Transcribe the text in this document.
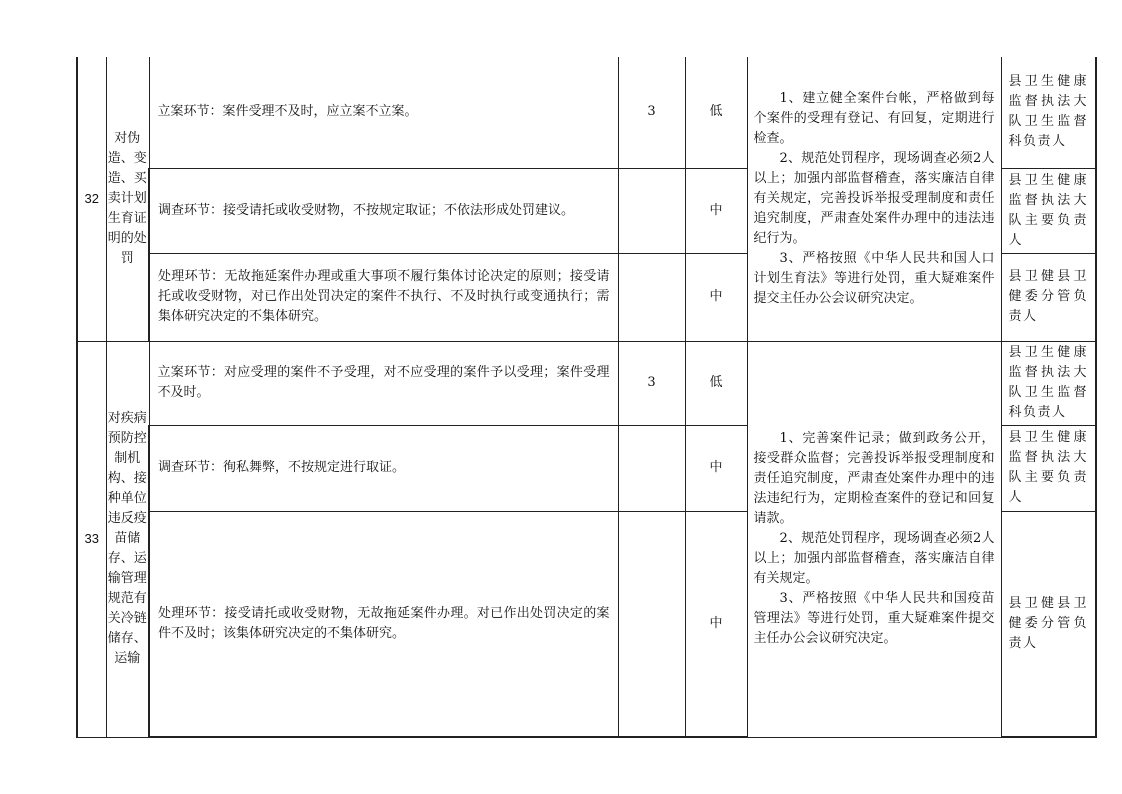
32	对伪造、变造、买卖计划生育证明的处罚	立案环节：案件受理不及时，应立案不立案。	3	低	1、建立健全案件台帐，严格做到每个案件的受理有登记、有回复，定期进行检查。

2、规范处罚程序，现场调查必须2人以上；加强内部监督稽查，落实廉洁自律有关规定，完善投诉举报受理制度和责任追究制度，严肃查处案件办理中的违法违纪行为。

3、严格按照《中华人民共和国人口计划生育法》等进行处罚，重大疑难案件提交主任办公会议研究决定。	县卫生健康监督执法大队卫生监督科负责人
		调查环节：接受请托或收受财物，不按规定取证；不依法形成处罚建议。		中		县卫生健康监督执法大队主要负责人
		处理环节：无故拖延案件办理或重大事项不履行集体讨论决定的原则；接受请托或收受财物，对已作出处罚决定的案件不执行、不及时执行或变通执行；需集体研究决定的不集体研究。		中		县卫健县卫健委分管负责人
33	对疾病预防控制机构、接种单位违反疫苗储存、运输管理规范有关冷链储存、运输	立案环节：对应受理的案件不予受理，对不应受理的案件予以受理；案件受理不及时。	3	低	1、完善案件记录；做到政务公开，接受群众监督；完善投诉举报受理制度和责任追究制度，严肃查处案件办理中的违法违纪行为，定期检查案件的登记和回复请款。

2、规范处罚程序，现场调查必须2人以上；加强内部监督稽查，落实廉洁自律有关规定。

3、严格按照《中华人民共和国疫苗管理法》等进行处罚，重大疑难案件提交主任办公会议研究决定。	县卫生健康监督执法大队卫生监督科负责人
		调查环节：徇私舞弊，不按规定进行取证。		中		县卫生健康监督执法大队主要负责人
		处理环节：接受请托或收受财物，无故拖延案件办理。对已作出处罚决定的案件不及时；该集体研究决定的不集体研究。		中		县卫健县卫健委分管负责人
